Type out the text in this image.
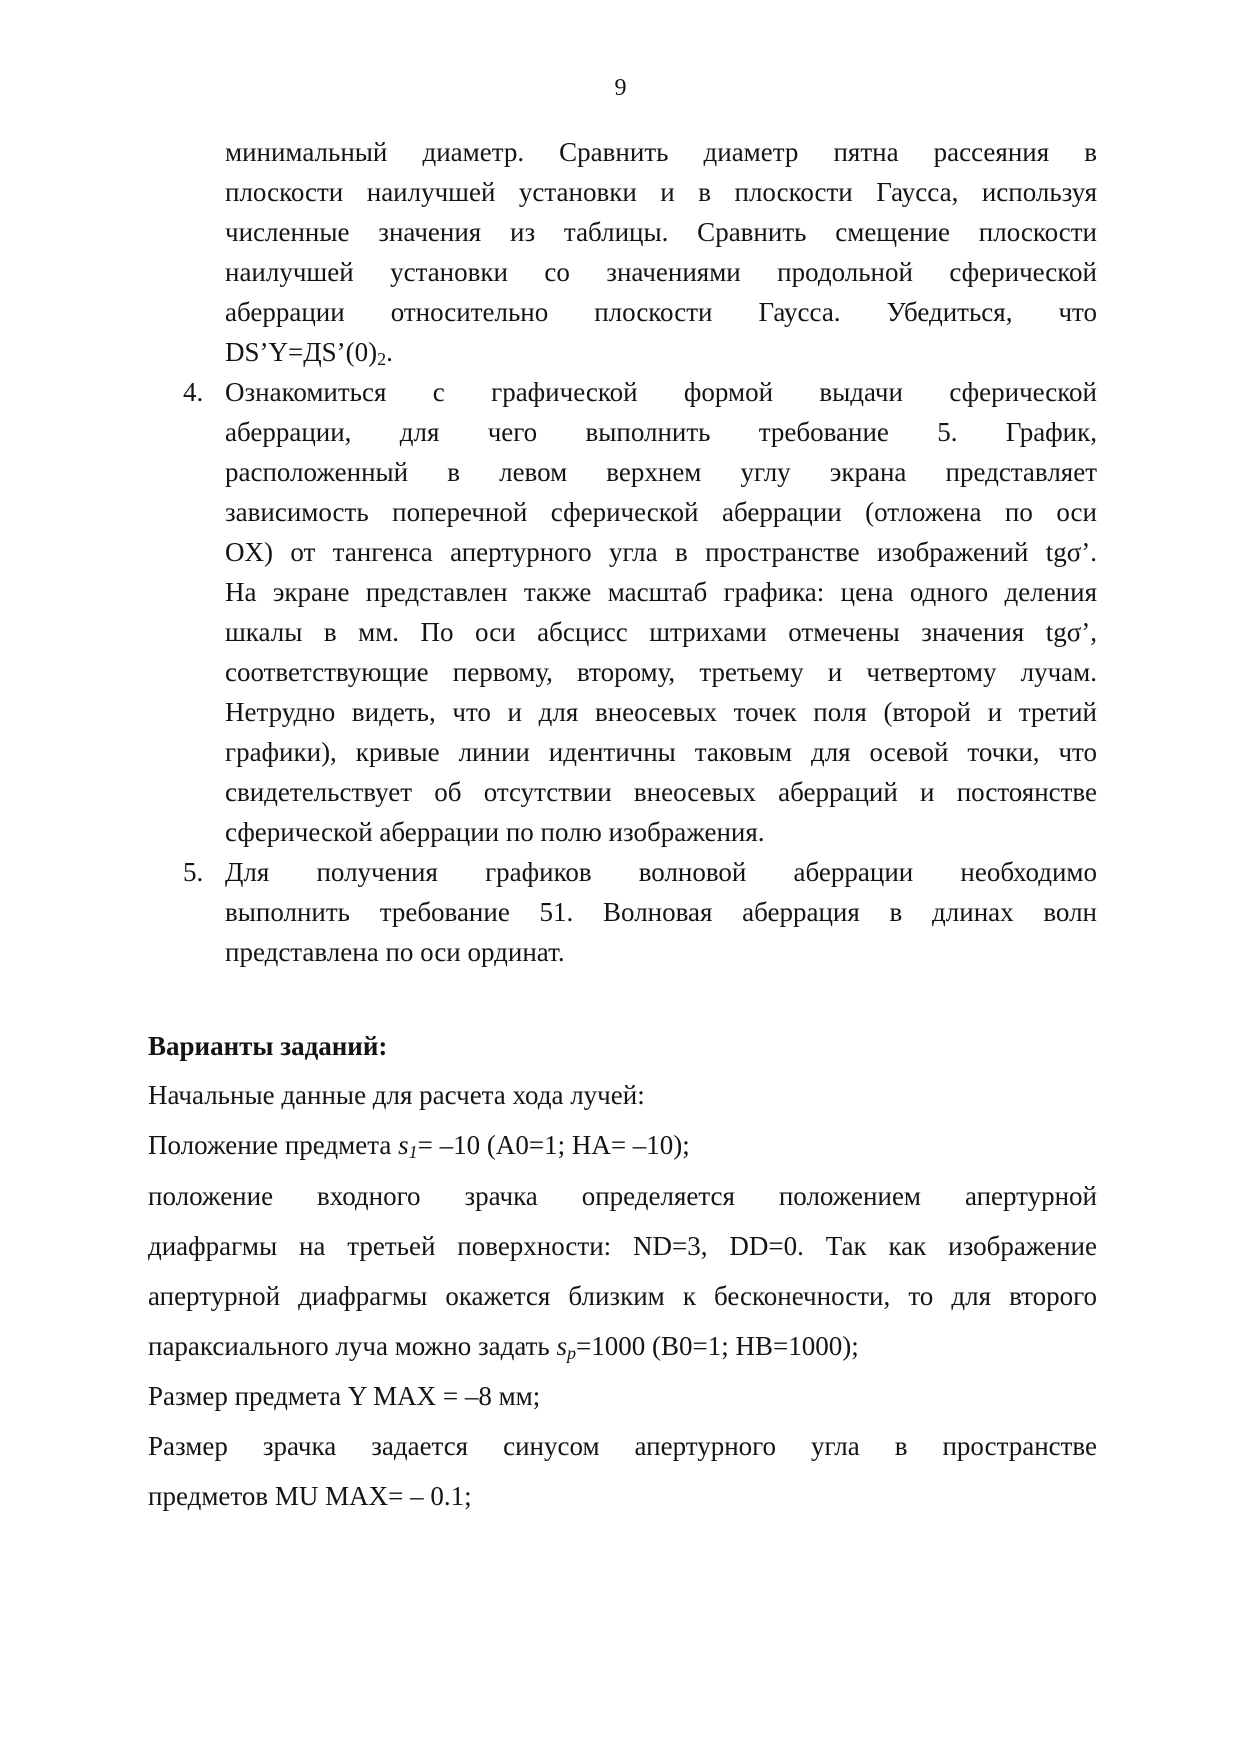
9
минимальный диаметр. Сравнить диаметр пятна рассеяния в
плоскости наилучшей установки и в плоскости Гаусса, используя
численные значения из таблицы. Сравнить смещение плоскости
наилучшей установки со значениями продольной сферической
аберрации относительно плоскости Гаусса. Убедиться, что
$DS’Y=ДS’(0)_2$.
4. Ознакомиться с графической формой выдачи сферической
аберрации, для чего выполнить требование 5. График,
расположенный в левом верхнем углу экрана представляет
зависимость поперечной сферической аберрации (отложена по оси
OX) от тангенса апертурного угла в пространстве изображений tgσ’.
На экране представлен также масштаб графика: цена одного деления
шкалы в мм. По оси абсцисс штрихами отмечены значения tgσ’,
соответствующие первому, второму, третьему и четвертому лучам.
Нетрудно видеть, что и для внеосевых точек поля (второй и третий
графики), кривые линии идентичны таковым для осевой точки, что
свидетельствует об отсутствии внеосевых аберраций и постоянстве
сферической аберрации по полю изображения.
5. Для получения графиков волновой аберрации необходимо
выполнить требование 51. Волновая аберрация в длинах волн
представлена по оси ординат.
Варианты заданий:
Начальные данные для расчета хода лучей:
Положение предмета $s_1= -10$ (A0=1; HA= –10);
положение входного зрачка определяется положением апертурной
диафрагмы на третьей поверхности: ND=3, DD=0. Так как изображение
апертурной диафрагмы окажется близким к бесконечности, то для второго
параксиального луча можно задать $s_p=1000$ (B0=1; HB=1000);
Размер предмета Y MAX = –8 мм;
Размер зрачка задается синусом апертурного угла в пространстве
предметов MU MAX= – 0.1;
